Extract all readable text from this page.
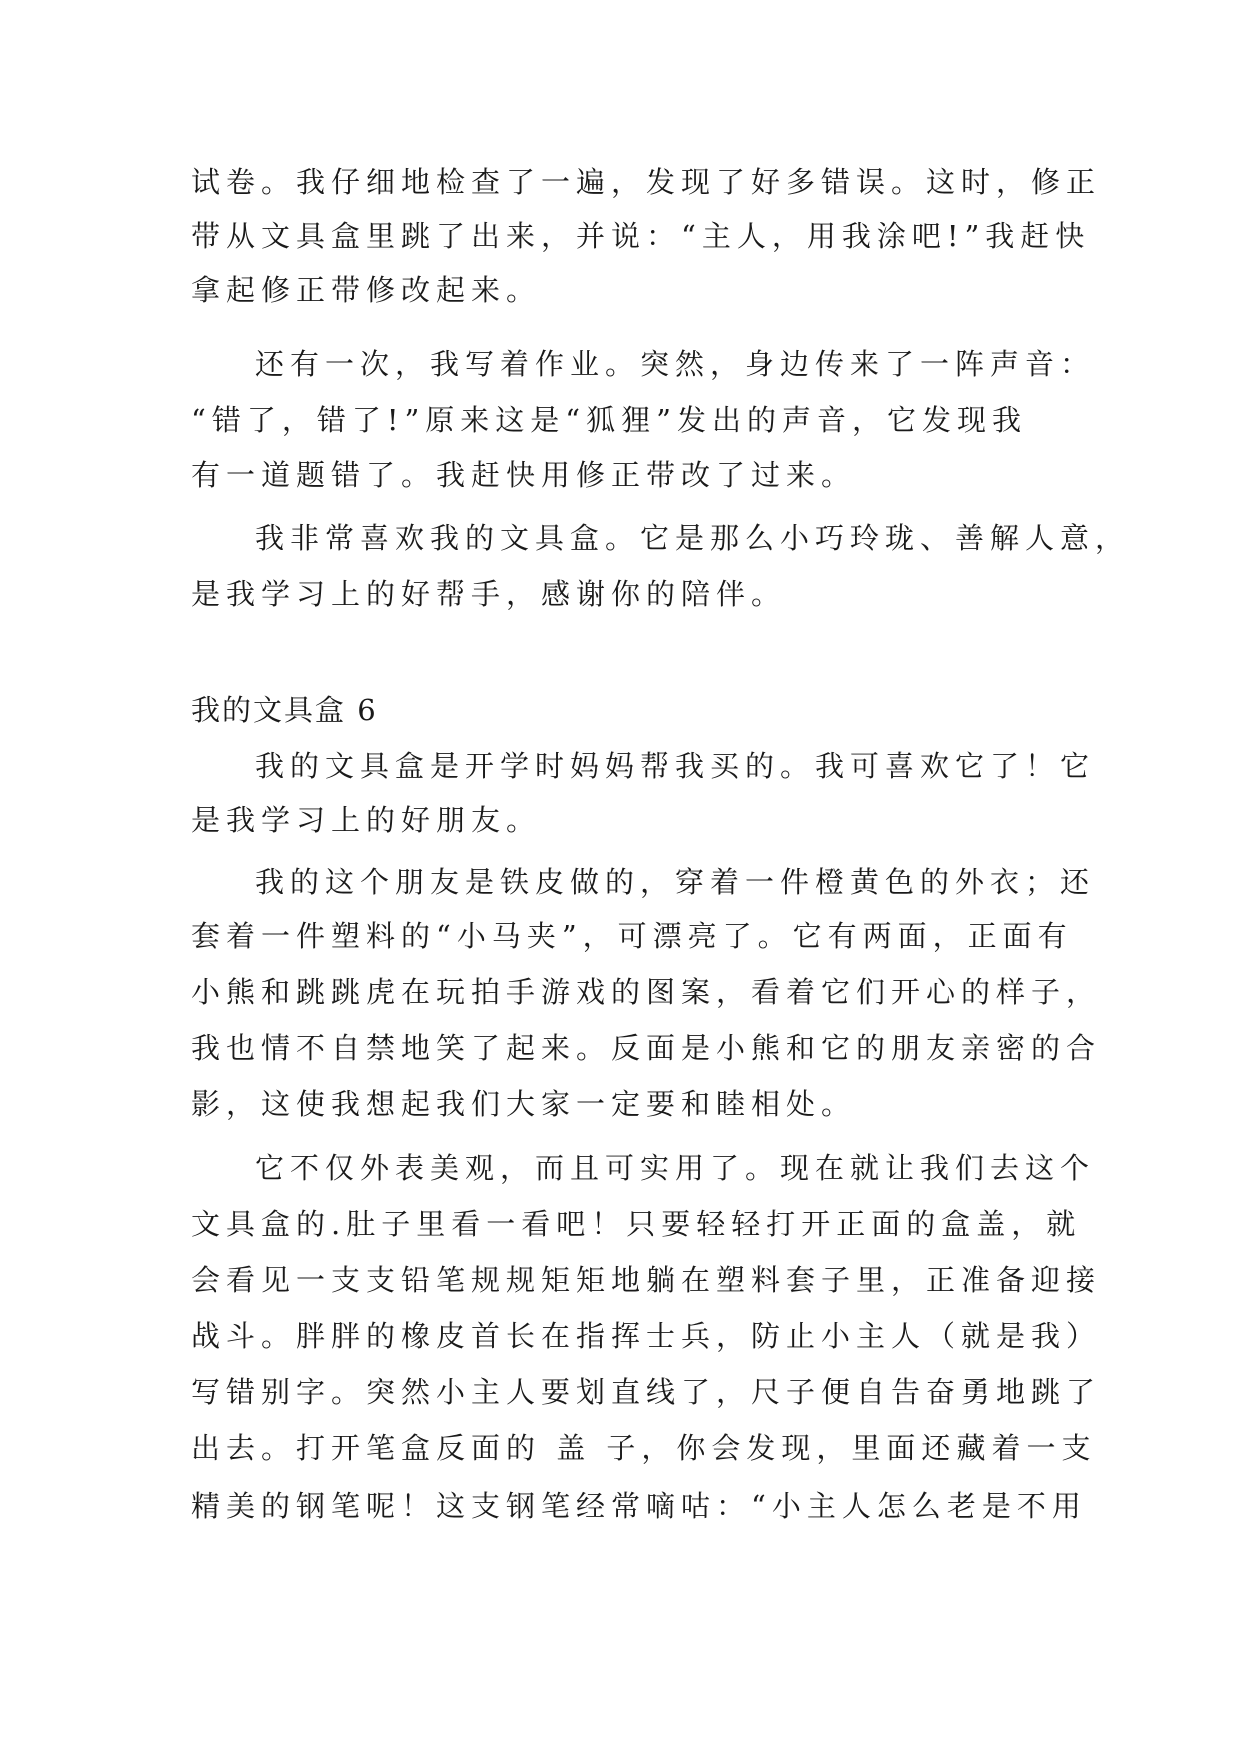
试卷。我仔细地检查了一遍，发现了好多错误。这时，修正
带从文具盒里跳了出来，并说：“主人，用我涂吧!”我赶快
拿起修正带修改起来。
还有一次，我写着作业。突然，身边传来了一阵声音：
“错了，错了!”原来这是“狐狸”发出的声音，它发现我
有一道题错了。我赶快用修正带改了过来。
我非常喜欢我的文具盒。它是那么小巧玲珑、善解人意，
是我学习上的好帮手，感谢你的陪伴。
我的文具盒 6
我的文具盒是开学时妈妈帮我买的。我可喜欢它了！它
是我学习上的好朋友。
我的这个朋友是铁皮做的，穿着一件橙黄色的外衣；还
套着一件塑料的“小马夹”，可漂亮了。它有两面，正面有
小熊和跳跳虎在玩拍手游戏的图案，看着它们开心的样子，
我也情不自禁地笑了起来。反面是小熊和它的朋友亲密的合
影，这使我想起我们大家一定要和睦相处。
它不仅外表美观，而且可实用了。现在就让我们去这个
文具盒的.肚子里看一看吧！只要轻轻打开正面的盒盖，就
会看见一支支铅笔规规矩矩地躺在塑料套子里，正准备迎接
战斗。胖胖的橡皮首长在指挥士兵，防止小主人（就是我）
写错别字。突然小主人要划直线了，尺子便自告奋勇地跳了
出去。打开笔盒反面的 盖 子，你会发现，里面还藏着一支
精美的钢笔呢！这支钢笔经常嘀咕：“小主人怎么老是不用
